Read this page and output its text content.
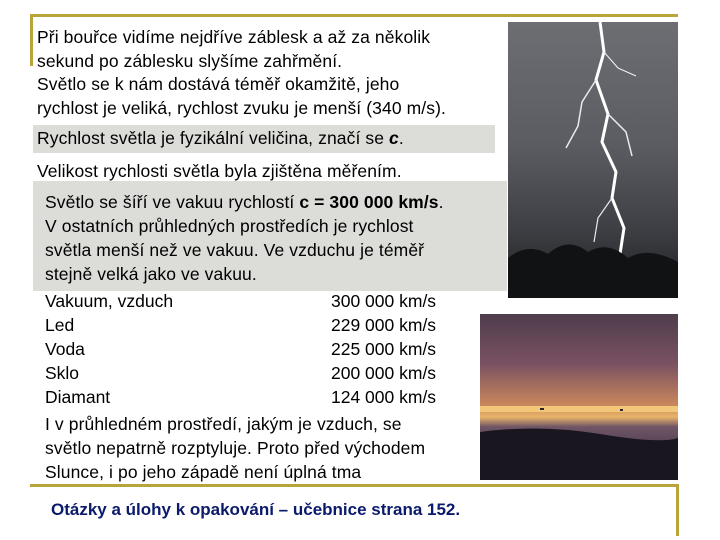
Při bouřce vidíme nejdříve záblesk a až za několik
sekund po záblesku slyšíme zahřmění.
Světlo se k nám dostává téměř okamžitě, jeho
rychlost je veliká, rychlost zvuku je menší (340 m/s).
Rychlost světla je fyzikální veličina, značí se c.
Velikost rychlosti světla byla zjištěna měřením.
Světlo se šíří ve vakuu rychlostí c = 300 000 km/s.
V ostatních průhledných prostředích je rychlost
světla menší než ve vakuu. Ve vzduchu je téměř
stejně velká jako ve vakuu.
Vakuum, vzduch	300 000 km/s
Led	229 000 km/s
Voda	225 000 km/s
Sklo	200 000 km/s
Diamant	124 000 km/s
I v průhledném prostředí, jakým je vzduch, se
světlo nepatrně rozptyluje. Proto před východem
Slunce, i po jeho západě není úplná tma
Otázky a úlohy k opakování – učebnice strana 152.
